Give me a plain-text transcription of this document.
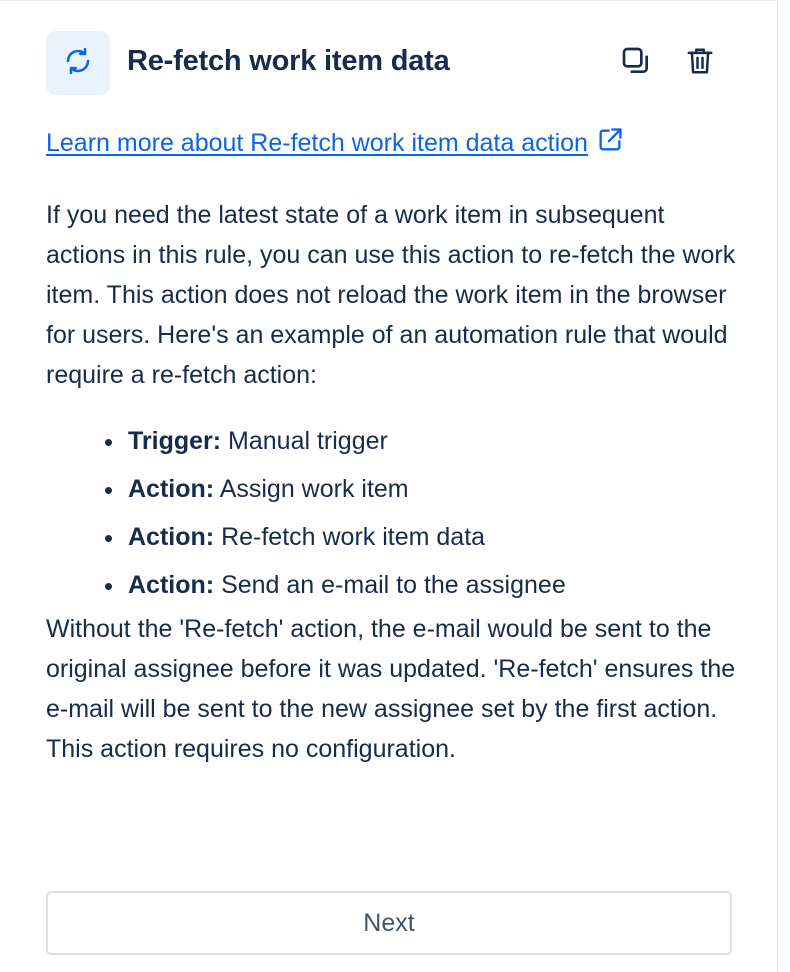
Re-fetch work item data
Learn more about Re-fetch work item data action

If you need the latest state of a work item in subsequent actions in this rule, you can use this action to re-fetch the work item. This action does not reload the work item in the browser for users. Here's an example of an automation rule that would require a re-fetch action:

• Trigger: Manual trigger
• Action: Assign work item
• Action: Re-fetch work item data
• Action: Send an e-mail to the assignee

Without the 'Re-fetch' action, the e-mail would be sent to the original assignee before it was updated. 'Re-fetch' ensures the e-mail will be sent to the new assignee set by the first action.

This action requires no configuration.

Next
